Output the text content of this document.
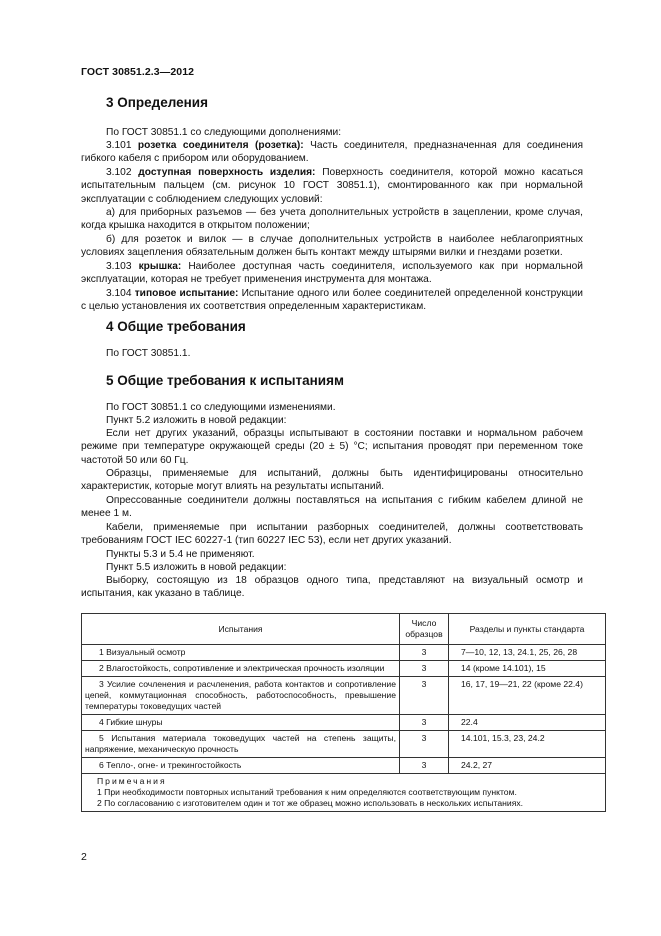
ГОСТ 30851.2.3—2012
3 Определения

По ГОСТ 30851.1 со следующими дополнениями:

3.101 розетка соединителя (розетка): Часть соединителя, предназначенная для соединения гибкого кабеля с прибором или оборудованием.

3.102 доступная поверхность изделия: Поверхность соединителя, которой можно касаться испытательным пальцем (см. рисунок 10 ГОСТ 30851.1), смонтированного как при нормальной эксплуатации с соблюдением следующих условий:

а) для приборных разъемов — без учета дополнительных устройств в зацеплении, кроме случая, когда крышка находится в открытом положении;

б) для розеток и вилок — в случае дополнительных устройств в наиболее неблагоприятных условиях зацепления обязательным должен быть контакт между штырями вилки и гнездами розетки.

3.103 крышка: Наиболее доступная часть соединителя, используемого как при нормальной эксплуатации, которая не требует применения инструмента для монтажа.

3.104 типовое испытание: Испытание одного или более соединителей определенной конструкции с целью установления их соответствия определенным характеристикам.

4 Общие требования

По ГОСТ 30851.1.

5 Общие требования к испытаниям

По ГОСТ 30851.1 со следующими изменениями.

Пункт 5.2 изложить в новой редакции:

Если нет других указаний, образцы испытывают в состоянии поставки и нормальном рабочем режиме при температуре окружающей среды (20 ± 5) °С; испытания проводят при переменном токе частотой 50 или 60 Гц.

Образцы, применяемые для испытаний, должны быть идентифицированы относительно характеристик, которые могут влиять на результаты испытаний.

Опрессованные соединители должны поставляться на испытания с гибким кабелем длиной не менее 1 м.

Кабели, применяемые при испытании разборных соединителей, должны соответствовать требованиям ГОСТ IEC 60227-1 (тип 60227 IEC 53), если нет других указаний.

Пункты 5.3 и 5.4 не применяют.

Пункт 5.5 изложить в новой редакции:

Выборку, состоящую из 18 образцов одного типа, представляют на визуальный осмотр и испытания, как указано в таблице.

Испытания	Число образцов	Разделы и пункты стандарта

1 Визуальный осмотр	3	7—10, 12, 13, 24.1, 25, 26, 28

2 Влагостойкость, сопротивление и электрическая прочность изоляции	3	14 (кроме 14.101), 15

3 Усилие сочленения и расчленения, работа контактов и сопротивление цепей, коммутационная способность, работоспособность, превышение температуры токоведущих частей	3	16, 17, 19—21, 22 (кроме 22.4)

4 Гибкие шнуры	3	22.4

5 Испытания материала токоведущих частей на степень защиты, напряжение, механическую прочность	3	14.101, 15.3, 23, 24.2

6 Тепло-, огне- и трекингостойкость	3	24.2, 27

Примечания
1 При необходимости повторных испытаний требования к ним определяются соответствующим пунктом.
2 По согласованию с изготовителем один и тот же образец можно использовать в нескольких испытаниях.		
2
